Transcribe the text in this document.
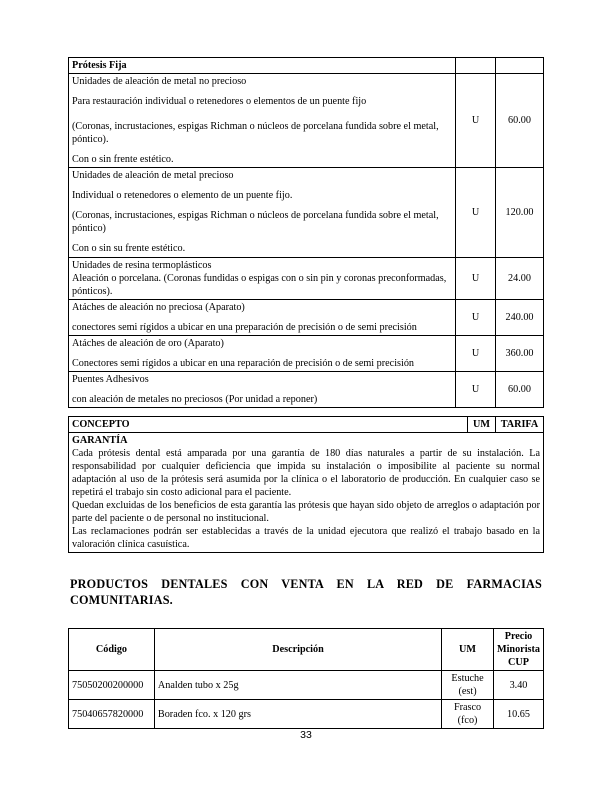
Prótesis Fija		

Unidades de aleación de metal no precioso

Para restauración individual o retenedores o elementos de un puente fijo

(Coronas, incrustaciones, espigas Richman o núcleos de porcelana fundida sobre el metal, póntico).

Con o sin frente estético.	U	60.00

Unidades de aleación de metal precioso

Individual o retenedores o elemento de un puente fijo.

(Coronas, incrustaciones, espigas Richman o núcleos de porcelana fundida sobre el metal, póntico)

Con o sin su frente estético.	U	120.00

Unidades de resina termoplásticos

Aleación o porcelana. (Coronas fundidas o espigas con o sin pin y coronas preconformadas, pónticos).	U	24.00

Atáches de aleación no preciosa (Aparato)

conectores semi rígidos a ubicar en una preparación de precisión o de semi precisión	U	240.00

Atáches de aleación de oro (Aparato)

Conectores semi rígidos a ubicar en una reparación de precisión o de semi precisión	U	360.00

Puentes Adhesivos

con aleación de metales no preciosos (Por unidad a reponer)	U	60.00
CONCEPTO	UM	TARIFA

GARANTÍA

Cada prótesis dental está amparada por una garantía de 180 días naturales a partir de su instalación. La responsabilidad por cualquier deficiencia que impida su instalación o imposibilite al paciente su normal adaptación al uso de la prótesis será asumida por la clínica o el laboratorio de producción. En cualquier caso se repetirá el trabajo sin costo adicional para el paciente.

Quedan excluidas de los beneficios de esta garantía las prótesis que hayan sido objeto de arreglos o adaptación por parte del paciente o de personal no institucional.

Las reclamaciones podrán ser establecidas a través de la unidad ejecutora que realizó el trabajo basado en la valoración clínica casuística.

PRODUCTOS DENTALES CON VENTA EN LA RED DE FARMACIAS COMUNITARIAS.
Código	Descripción	UM	Precio
Minorista
CUP

75050200200000	Analden tubo x 25g	Estuche
(est)	3.40
75040657820000	Boraden fco. x 120 grs	Frasco
(fco)	10.65
33
